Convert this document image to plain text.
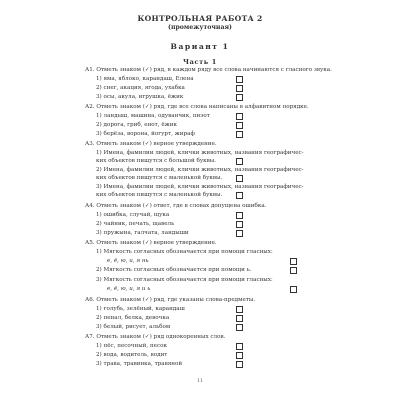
КОНТРОЛЬНАЯ РАБОТА 2
(промежуточная)
Вариант 1
Часть 1
А1. Отметь знаком (✓) ряд, в каждом ряду все слова начинаются с гласного звука.
1) яма, яблоко, карандаш, Елена
2) снег, акация, ягода, ухабка
3) осы, акула, игрушка, ёжик
А2. Отметь знаком (✓) ряд, где все слова написаны в алфавитном порядке.
1) ландыш, машина, одуванчик, пиэот
2) дорога, гриб, енот, ёжик
3) берёза, ворона, йогурт, жираф
А3. Отметь знаком (✓) верное утверждение.
1) Имена, фамилии людей, клички животных, названия географичес-
ких объектов пишутся с большой буквы.
2) Имена, фамилии людей, клички животных, названия географичес-
ких объектов пишутся с маленькой буквы.
3) Имена, фамилии людей, клички животных, названия географичес-
ких объектов пишутся с маленькой буквы.
А4. Отметь знаком (✓) ответ, где в словах допущена ошибка.
1) ошибка, случай, щука
2) чайник, печать, щавель
3) пружына, галчата, ландыши
А5. Отметь знаком (✓) верное утверждение.
1) Мягкость согласных обозначается при помощи гласных:
е, ё, ю, и, я нь
2) Мягкость согласных обозначается при помощи ь.
3) Мягкость согласных обозначается при помощи гласных:
е, ё, ю, и, я и ь
А6. Отметь знаком (✓) ряд, где указаны слова-предметы.
1) голубь, зелёный, карандаш
2) пенал, белка, девочка
3) белый, рисует, альбом
А7. Отметь знаком (✓) ряд однокоренных слов.
1) пёс, песочный, песок
2) вода, водитель, водит
3) трава, травинка, травяной
11
